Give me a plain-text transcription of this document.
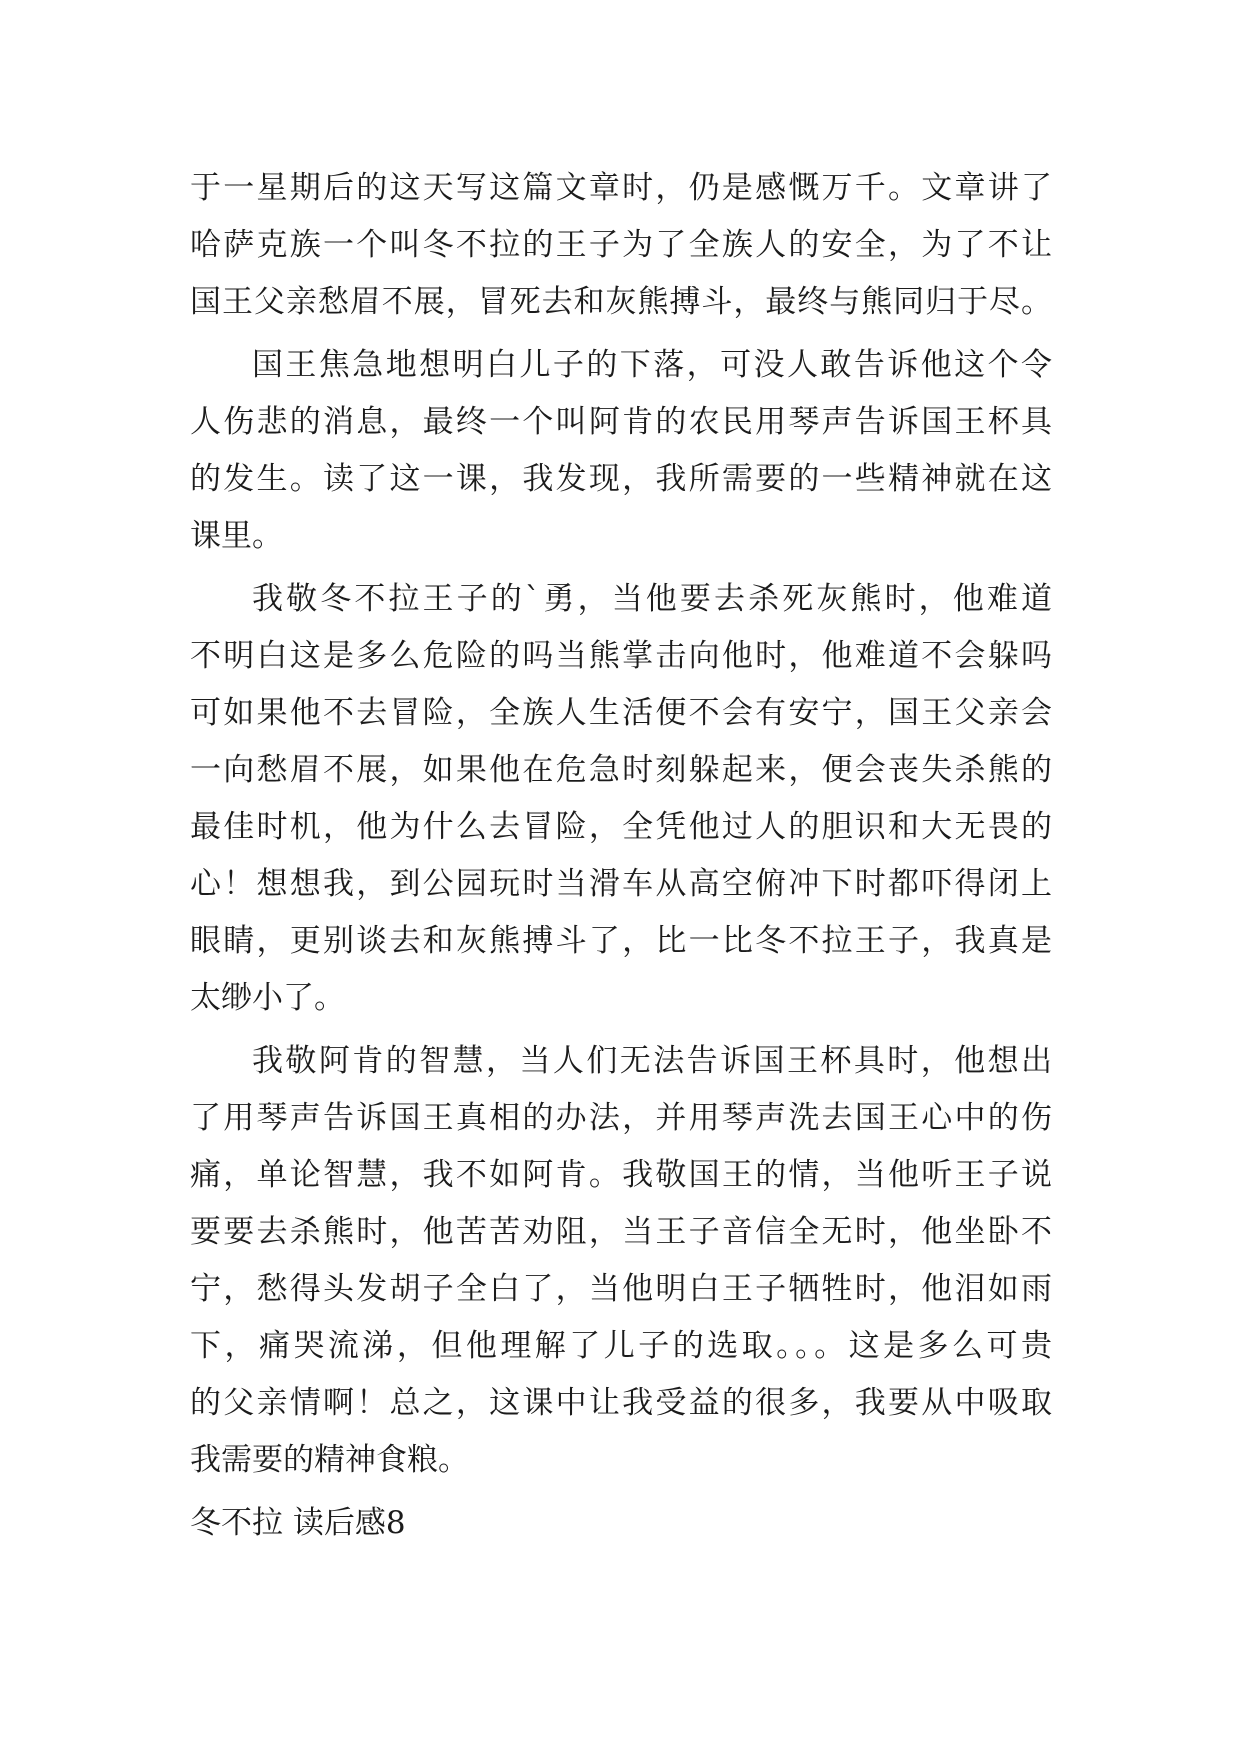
于一星期后的这天写这篇文章时，仍是感慨万千。文章讲了
哈萨克族一个叫冬不拉的王子为了全族人的安全，为了不让
国王父亲愁眉不展，冒死去和灰熊搏斗，最终与熊同归于尽。
国王焦急地想明白儿子的下落，可没人敢告诉他这个令
人伤悲的消息，最终一个叫阿肯的农民用琴声告诉国王杯具
的发生。读了这一课，我发现，我所需要的一些精神就在这
课里。
我敬冬不拉王子的`勇，当他要去杀死灰熊时，他难道
不明白这是多么危险的吗当熊掌击向他时，他难道不会躲吗
可如果他不去冒险，全族人生活便不会有安宁，国王父亲会
一向愁眉不展，如果他在危急时刻躲起来，便会丧失杀熊的
最佳时机，他为什么去冒险，全凭他过人的胆识和大无畏的
心！想想我，到公园玩时当滑车从高空俯冲下时都吓得闭上
眼睛，更别谈去和灰熊搏斗了，比一比冬不拉王子，我真是
太缈小了。
我敬阿肯的智慧，当人们无法告诉国王杯具时，他想出
了用琴声告诉国王真相的办法，并用琴声洗去国王心中的伤
痛，单论智慧，我不如阿肯。我敬国王的情，当他听王子说
要要去杀熊时，他苦苦劝阻，当王子音信全无时，他坐卧不
宁，愁得头发胡子全白了，当他明白王子牺牲时，他泪如雨
下，痛哭流涕，但他理解了儿子的选取。。。这是多么可贵
的父亲情啊！总之，这课中让我受益的很多，我要从中吸取
我需要的精神食粮。
冬不拉 读后感8
